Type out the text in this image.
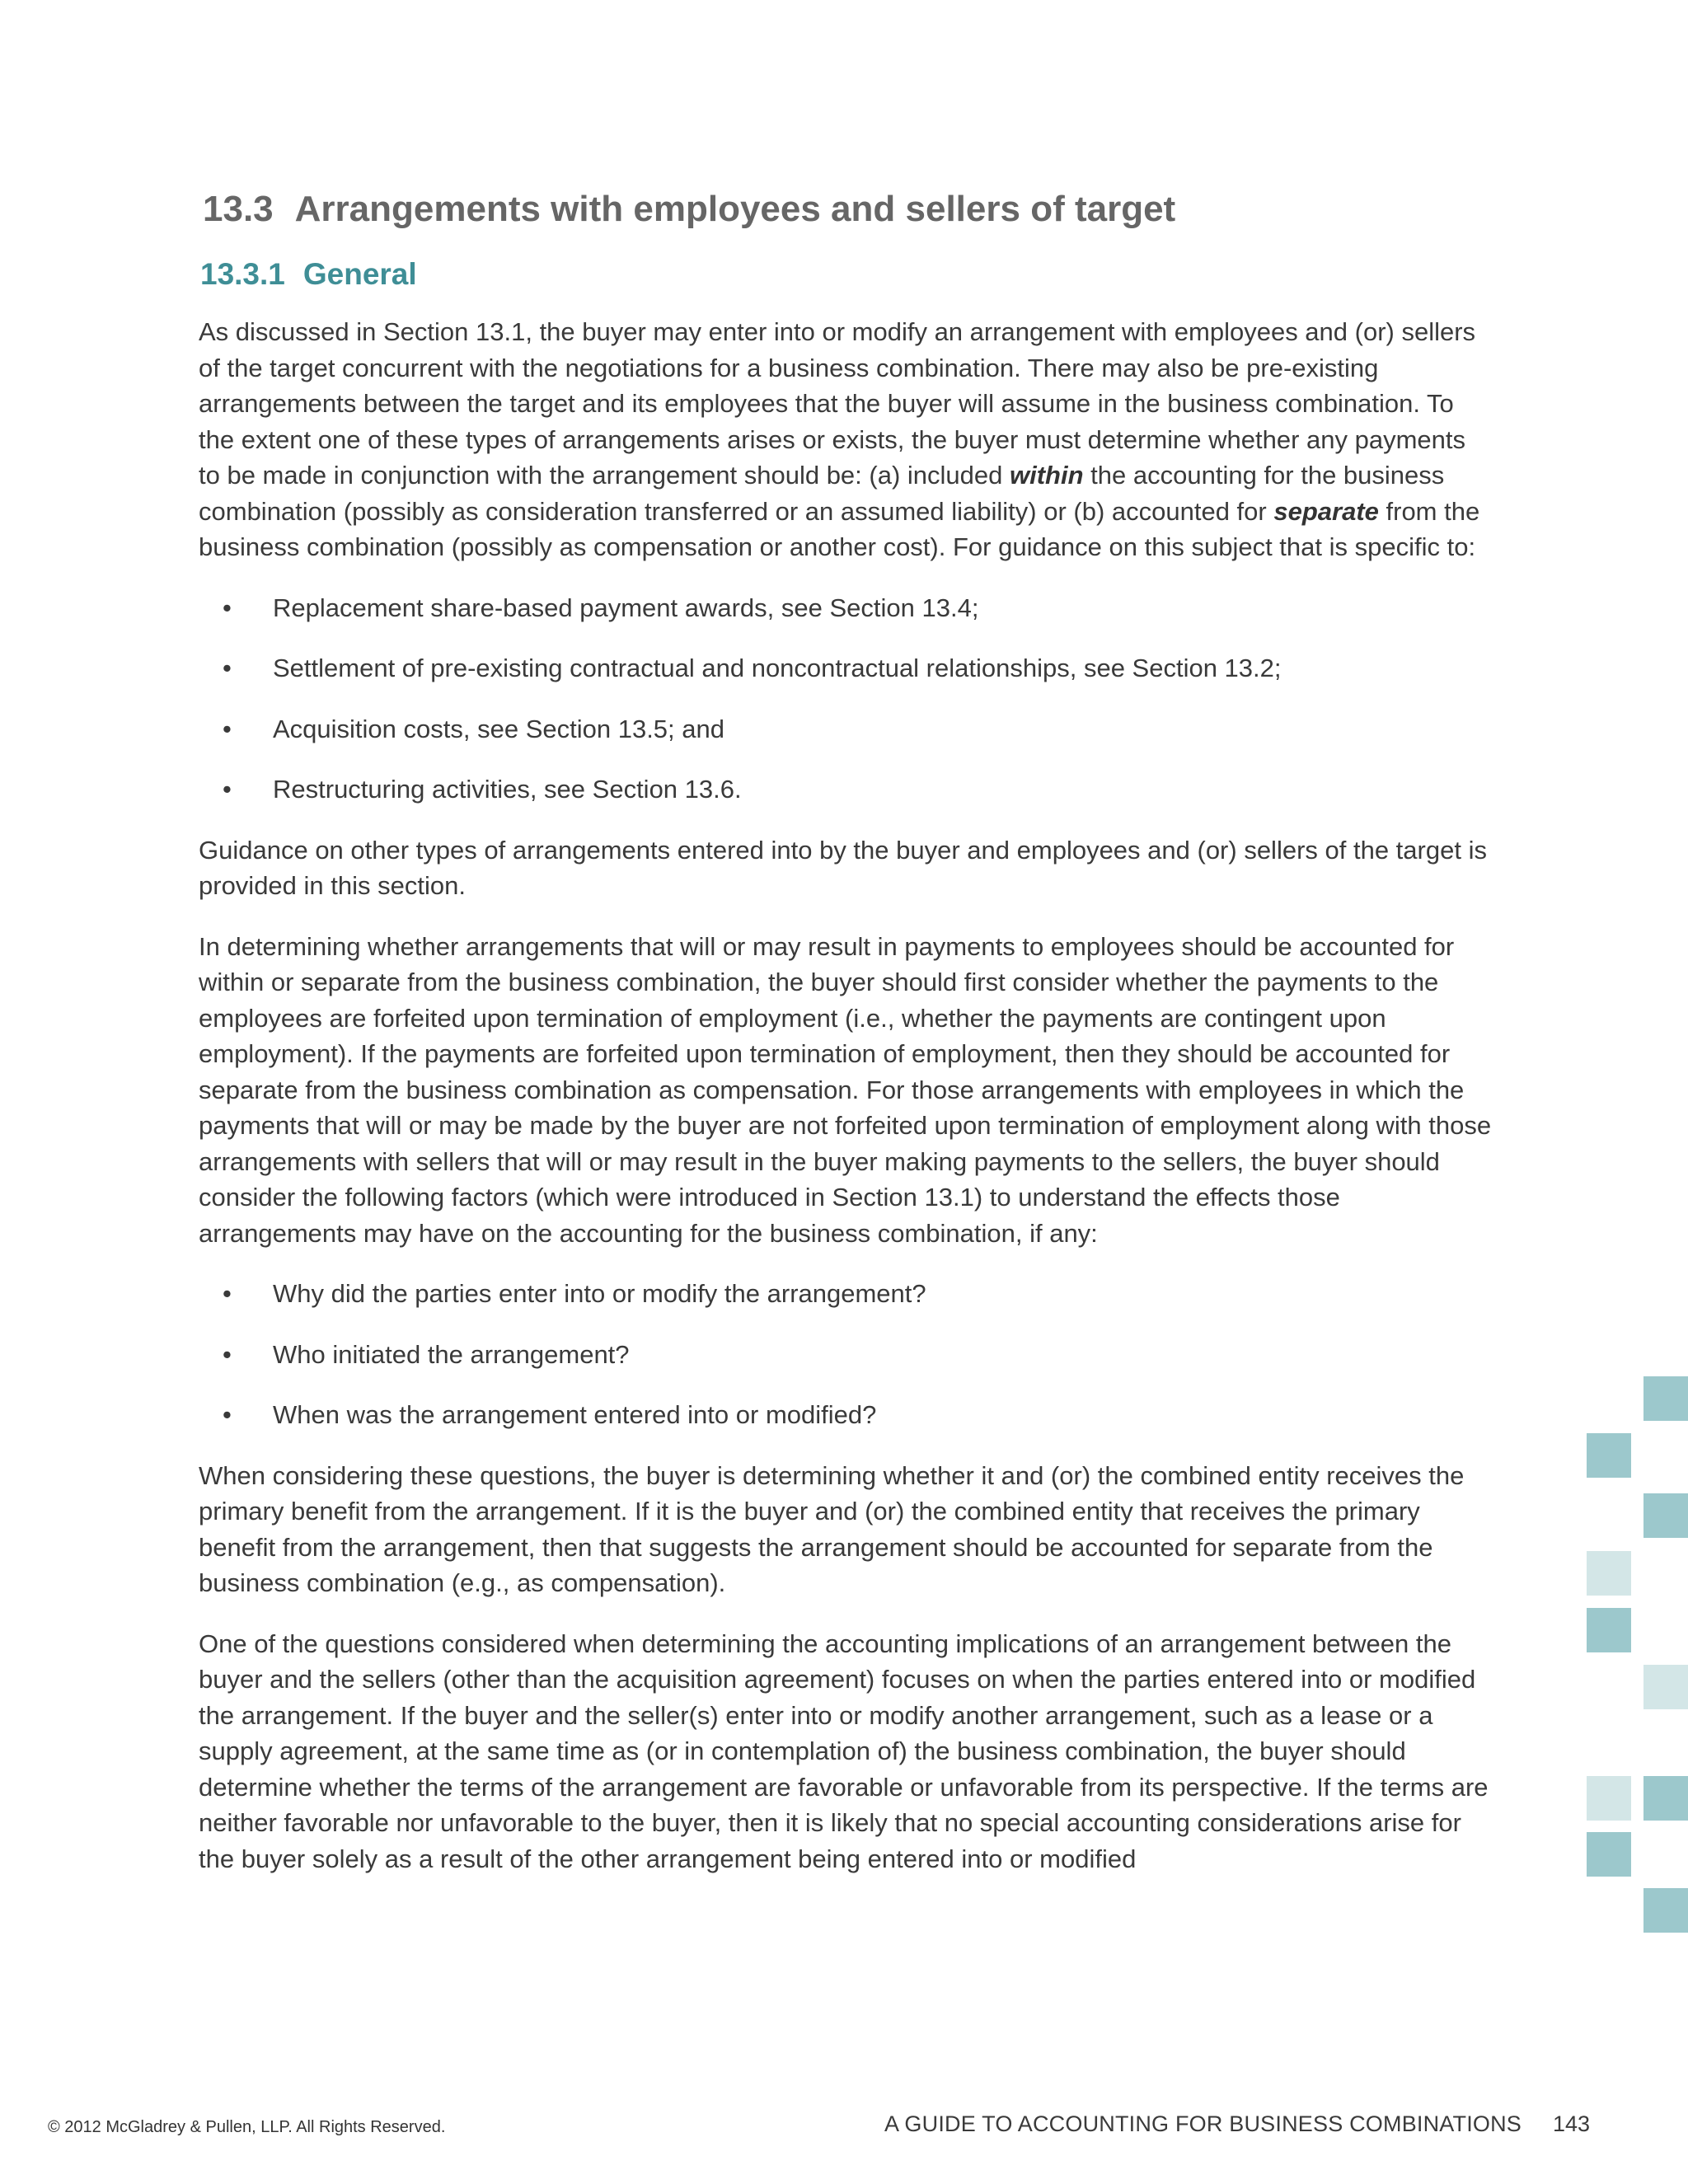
13.3 Arrangements with employees and sellers of target
13.3.1 General

As discussed in Section 13.1, the buyer may enter into or modify an arrangement with employees and (or) sellers of the target concurrent with the negotiations for a business combination. There may also be pre-existing arrangements between the target and its employees that the buyer will assume in the business combination. To the extent one of these types of arrangements arises or exists, the buyer must determine whether any payments to be made in conjunction with the arrangement should be: (a) included within the accounting for the business combination (possibly as consideration transferred or an assumed liability) or (b) accounted for separate from the business combination (possibly as compensation or another cost). For guidance on this subject that is specific to:

• Replacement share-based payment awards, see Section 13.4;
• Settlement of pre-existing contractual and noncontractual relationships, see Section 13.2;
• Acquisition costs, see Section 13.5; and
• Restructuring activities, see Section 13.6.

Guidance on other types of arrangements entered into by the buyer and employees and (or) sellers of the target is provided in this section.

In determining whether arrangements that will or may result in payments to employees should be accounted for within or separate from the business combination, the buyer should first consider whether the payments to the employees are forfeited upon termination of employment (i.e., whether the payments are contingent upon employment). If the payments are forfeited upon termination of employment, then they should be accounted for separate from the business combination as compensation. For those arrangements with employees in which the payments that will or may be made by the buyer are not forfeited upon termination of employment along with those arrangements with sellers that will or may result in the buyer making payments to the sellers, the buyer should consider the following factors (which were introduced in Section 13.1) to understand the effects those arrangements may have on the accounting for the business combination, if any:

• Why did the parties enter into or modify the arrangement?
• Who initiated the arrangement?
• When was the arrangement entered into or modified?

When considering these questions, the buyer is determining whether it and (or) the combined entity receives the primary benefit from the arrangement. If it is the buyer and (or) the combined entity that receives the primary benefit from the arrangement, then that suggests the arrangement should be accounted for separate from the business combination (e.g., as compensation).

One of the questions considered when determining the accounting implications of an arrangement between the buyer and the sellers (other than the acquisition agreement) focuses on when the parties entered into or modified the arrangement. If the buyer and the seller(s) enter into or modify another arrangement, such as a lease or a supply agreement, at the same time as (or in contemplation of) the business combination, the buyer should determine whether the terms of the arrangement are favorable or unfavorable from its perspective. If the terms are neither favorable nor unfavorable to the buyer, then it is likely that no special accounting considerations arise for the buyer solely as a result of the other arrangement being entered into or modified

© 2012 McGladrey & Pullen, LLP. All Rights Reserved.	A GUIDE TO ACCOUNTING FOR BUSINESS COMBINATIONS 143
